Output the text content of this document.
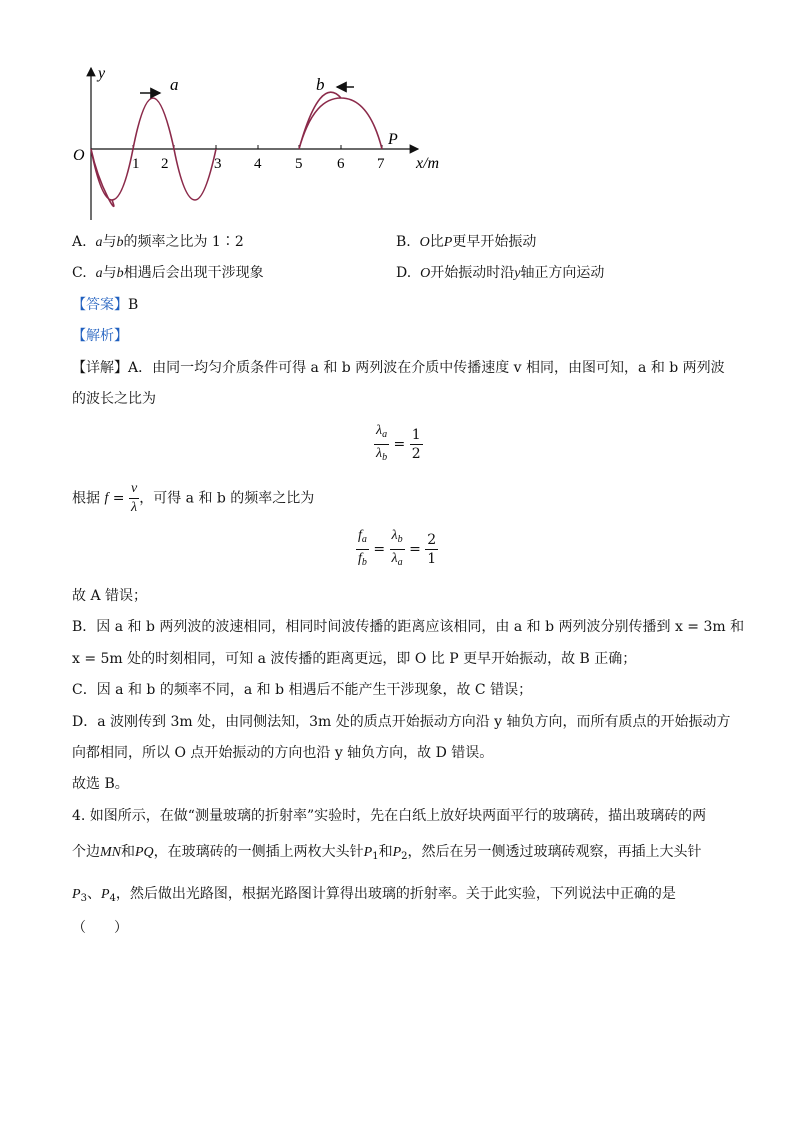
y
O	x/m
1 2	3 4 5 6 7
a	b
P
A. a与b的频率之比为 1∶2	B. O比P更早开始振动
C. a与b相遇后会出现干涉现象	D. O开始振动时沿y轴正方向运动
【答案】B
【解析】
【详解】A．由同一均匀介质条件可得 a 和 b 两列波在介质中传播速度 v 相同，由图可知，a 和 b 两列波
的波长之比为
$\frac{\lambda_a}{\lambda_b} = \frac{1}{2}$
根据 $f = \frac{v}{\lambda}$ ，可得 a 和 b 的频率之比为
$\frac{f_a}{f_b} = \frac{\lambda_b}{\lambda_a} = \frac{2}{1}$
故 A 错误；
B．因 a 和 b 两列波的波速相同，相同时间波传播的距离应该相同，由 a 和 b 两列波分别传播到 x = 3m 和
x = 5m 处的时刻相同，可知 a 波传播的距离更远，即 O 比 P 更早开始振动，故 B 正确；
C．因 a 和 b 的频率不同，a 和 b 相遇后不能产生干涉现象，故 C 错误；
D．a 波刚传到 3m 处，由同侧法知，3m 处的质点开始振动方向沿 y 轴负方向，而所有质点的开始振动方
向都相同，所以 O 点开始振动的方向也沿 y 轴负方向，故 D 错误。
故选 B。
4. 如图所示，在做“测量玻璃的折射率”实验时，先在白纸上放好块两面平行的玻璃砖，描出玻璃砖的两
个边MN和PQ，在玻璃砖的一侧插上两枚大头针$P_1$和$P_2$，然后在另一侧透过玻璃砖观察，再插上大头针
$P_3$、$P_4$，然后做出光路图，根据光路图计算得出玻璃的折射率。关于此实验，下列说法中正确的是
（　　）
